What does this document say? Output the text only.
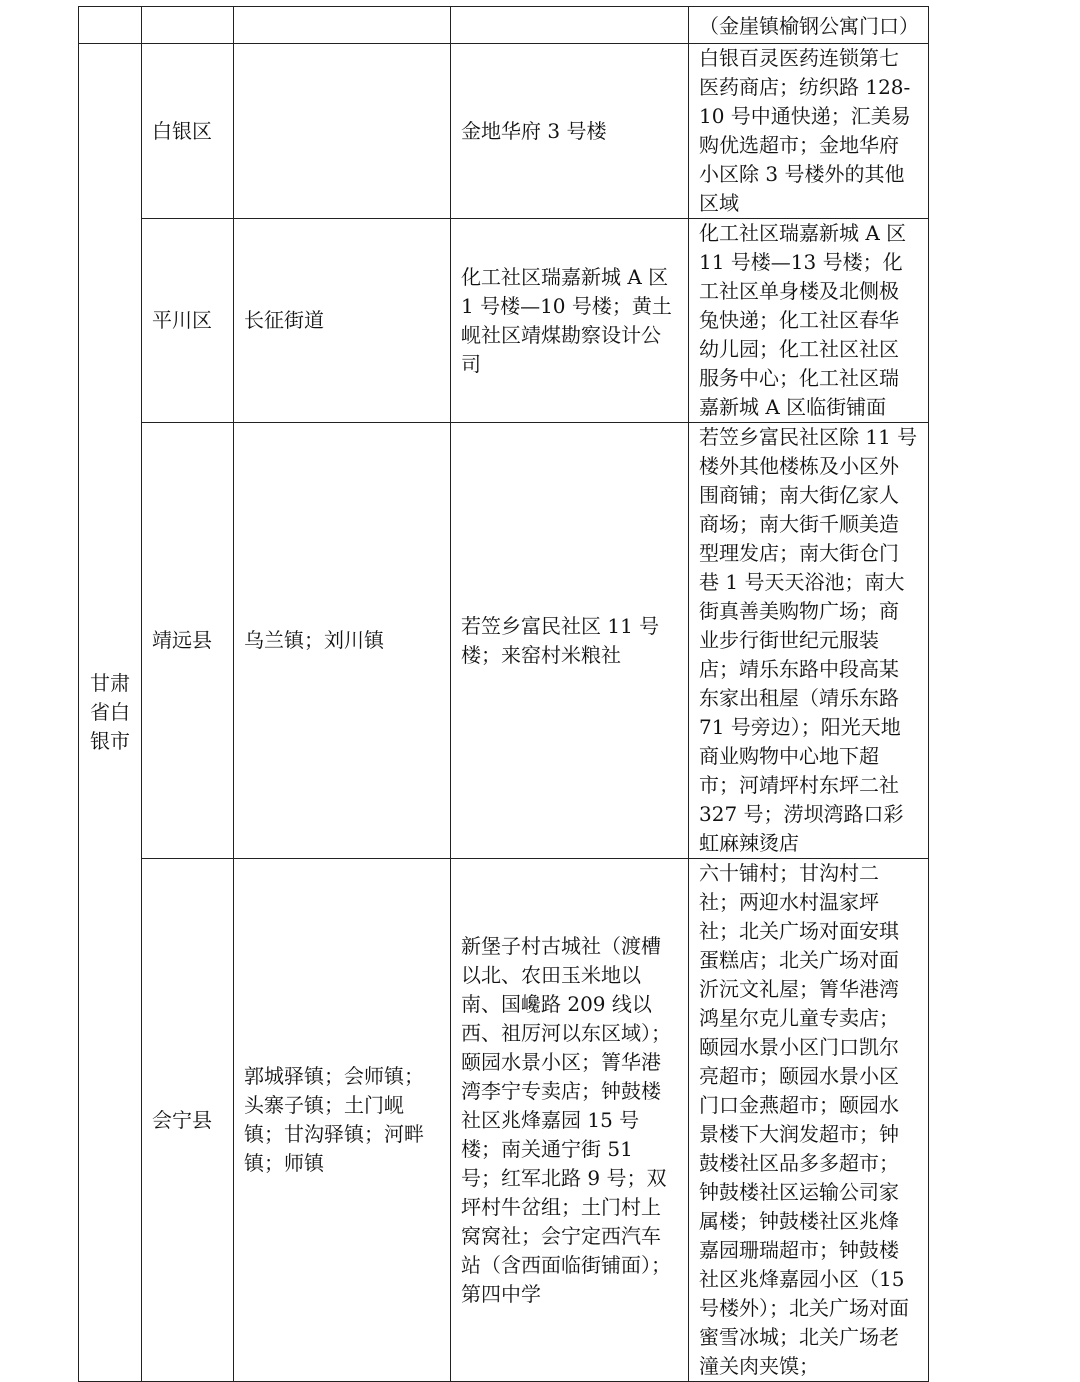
				（金崖镇榆钢公寓门口）
甘肃省白银市	白银区		金地华府 3 号楼	白银百灵医药连锁第七医药商店；纺织路 128-10 号中通快递；汇美易购优选超市；金地华府小区除 3 号楼外的其他区域
	平川区	长征街道	化工社区瑞嘉新城 A 区 1 号楼—10 号楼；黄土岘社区靖煤勘察设计公司	化工社区瑞嘉新城 A 区 11 号楼—13 号楼；化工社区单身楼及北侧极兔快递；化工社区春华幼儿园；化工社区社区服务中心；化工社区瑞嘉新城 A 区临街铺面
	靖远县	乌兰镇；刘川镇	若笠乡富民社区 11 号楼；来窑村米粮社	若笠乡富民社区除 11 号楼外其他楼栋及小区外围商铺；南大街亿家人商场；南大街千顺美造型理发店；南大街仓门巷 1 号天天浴池；南大街真善美购物广场；商业步行街世纪元服装店；靖乐东路中段高某东家出租屋（靖乐东路 71 号旁边）；阳光天地商业购物中心地下超市；河靖坪村东坪二社 327 号；涝坝湾路口彩虹麻辣烫店
	会宁县	郭城驿镇；会师镇；头寨子镇；土门岘镇；甘沟驿镇；河畔镇；师镇	新堡子村古城社（渡槽以北、农田玉米地以南、国巉路 209 线以西、祖厉河以东区域）；颐园水景小区；箐华港湾李宁专卖店；钟鼓楼社区兆烽嘉园 15 号楼；南关通宁街 51 号；红军北路 9 号；双坪村牛岔组；土门村上窝窝社；会宁定西汽车站（含西面临街铺面）；第四中学	六十铺村；甘沟村二社；两迎水村温家坪社；北关广场对面安琪蛋糕店；北关广场对面沂沅文礼屋；箐华港湾鸿星尔克儿童专卖店；颐园水景小区门口凯尔亮超市；颐园水景小区门口金燕超市；颐园水景楼下大润发超市；钟鼓楼社区品多多超市；钟鼓楼社区运输公司家属楼；钟鼓楼社区兆烽嘉园珊瑞超市；钟鼓楼社区兆烽嘉园小区（15 号楼外）；北关广场对面蜜雪冰城；北关广场老潼关肉夹馍；
